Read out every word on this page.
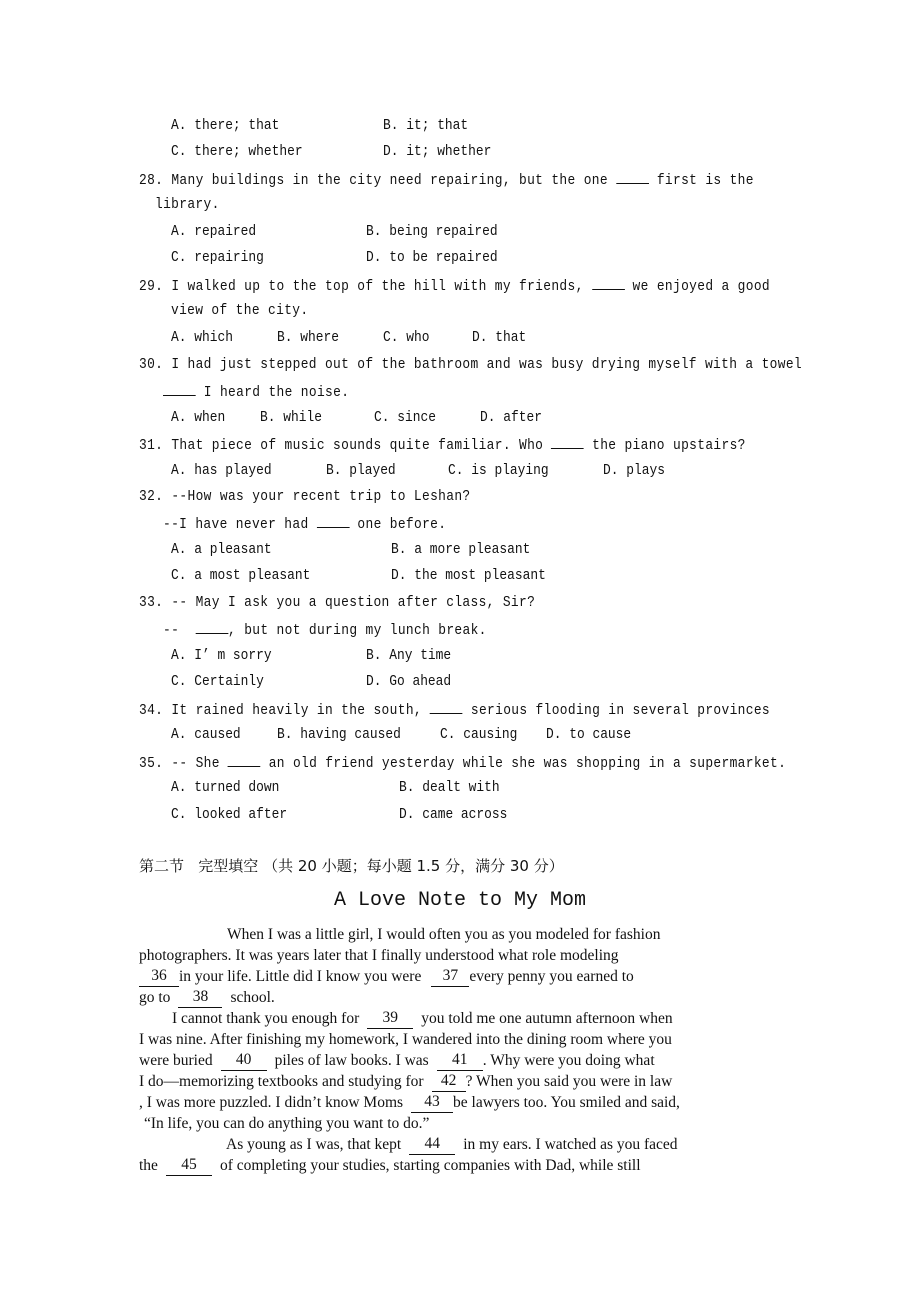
A. there; that	B. it; that
C. there; whether	D. it; whether
28. Many buildings in the city need repairing, but the one	first is the
library.
A. repaired	B. being repaired
C. repairing	D. to be repaired
29. I walked up to the top of the hill with my friends,	we enjoyed a good
view of the city.
A. which	B. where	C. who	D. that
30. I had just stepped out of the bathroom and was busy drying myself with a towel
I heard the noise.
A. when B. while	C. since	D. after
31. That piece of music sounds quite familiar. Who	the piano upstairs?
A. has played	B. played	C. is playing	D. plays
32. --How was your recent trip to Leshan?
--I have never had	one before.
A. a pleasant	B. a more pleasant
C. a most pleasant	D. the most pleasant
33. -- May I ask you a question after class, Sir?
--	, but not during my lunch break.
A. I’ m sorry	B. Any time
C. Certainly	D. Go ahead
34. It rained heavily in the south,	serious flooding in several provinces
A. caused B. having caused	C. causing D. to cause
35. -- She	an old friend yesterday while she was shopping in a supermarket.
A. turned down	B. dealt with
C. looked after	D. came across
第二节   完型填空 （共 20 小题；每小题 1.5 分，满分 30 分）
A Love Note to My Mom
When I was a little girl, I would often you as you modeled for fashion
photographers. It was years later that I finally understood what role modeling
36 in your life. Little did I know you were	37 every penny you earned to
go to	38	school.
I cannot thank you enough for	39	you told me one autumn afternoon when
I was nine. After finishing my homework, I wandered into the dining room where you
were buried	40	piles of law books. I was	41 . Why were you doing what
I do—memorizing textbooks and studying for	42 ? When you said you were in law
, I was more puzzled. I didn’t know Moms	43 be lawyers too. You smiled and said,
“In life, you can do anything you want to do.”
As young as I was, that kept	44	in my ears. I watched as you faced
the	45	of completing your studies, starting companies with Dad, while still
